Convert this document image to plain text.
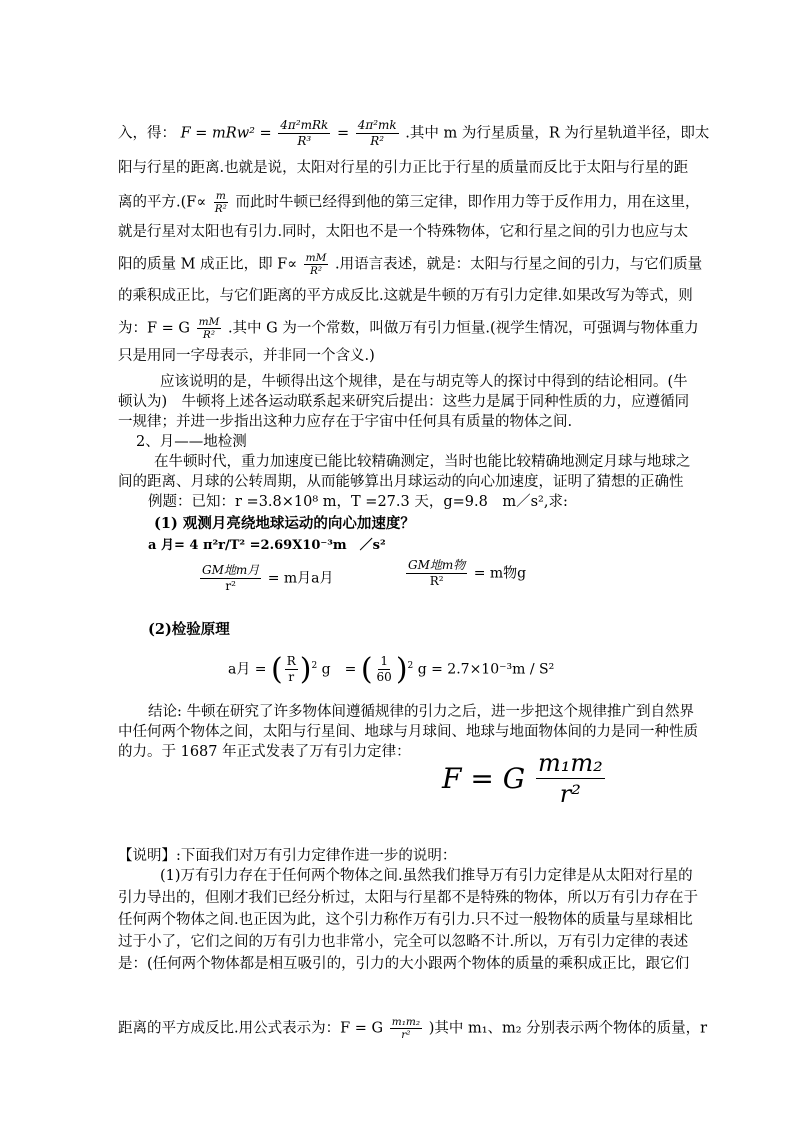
入，得： $F = mRw^2 = \frac{\text{4π²mRk}}{\text{R³}} = \frac{\text{4π²mk}}{\text{R²}}$ .其中 m 为行星质量，R 为行星轨道半径，即太
阳与行星的距离.也就是说，太阳对行星的引力正比于行星的质量而反比于太阳与行星的距
离的平方$.(F\propto \frac{m}{\text{R²}}$ 而此时牛顿已经得到他的第三定律，即作用力等于反作用力，用在这里，
就是行星对太阳也有引力.同时，太阳也不是一个特殊物体，它和行星之间的引力也应与太
阳的质量 M 成正比，即 $F\propto \frac{mM}{\text{R²}}$ .用语言表述，就是：太阳与行星之间的引力，与它们质量
的乘积成正比，与它们距离的平方成反比.这就是牛顿的万有引力定律.如果改写为等式，则
为：F = G $\frac{mM}{\text{R²}}$ .其中 G 为一个常数，叫做万有引力恒量.(视学生情况，可强调与物体重力
只是用同一字母表示，并非同一个含义.)
应该说明的是，牛顿得出这个规律，是在与胡克等人的探讨中得到的结论相同。(牛
顿认为)　牛顿将上述各运动联系起来研究后提出：这些力是属于同种性质的力，应遵循同
一规律；并进一步指出这种力应存在于宇宙中任何具有质量的物体之间.
2、月——地检测
在牛顿时代，重力加速度已能比较精确测定，当时也能比较精确地测定月球与地球之
间的距离、月球的公转周期，从而能够算出月球运动的向心加速度，证明了猜想的正确性
例题：已知：r =3.8×10⁸ m，T =27.3 天，g=9.8　m／s²,求:
(1) 观测月亮绕地球运动的向心加速度？
a 月= 4 π²r/T² =2.69X10⁻³m　／s²
$\frac{\text{GM地m月}}{\text{r²}} = m$月a月	$\frac{\text{GM地m物}}{\text{R²}} = m$物g
(2)检验原理
a月 = ( $\frac{R}{r} )^2$ g　= ( $\frac{1}{60} )^2$ g = 2.7×10⁻³m / S²
结论: 牛顿在研究了许多物体间遵循规律的引力之后，进一步把这个规律推广到自然界
中任何两个物体之间，太阳与行星间、地球与月球间、地球与地面物体间的力是同一种性质
的力。于 1687 年正式发表了万有引力定律：
F = G $\frac{\text{m₁m₂}}{\text{r²}}$
【说明】:下面我们对万有引力定律作进一步的说明：
(1)万有引力存在于任何两个物体之间.虽然我们推导万有引力定律是从太阳对行星的
引力导出的，但刚才我们已经分析过，太阳与行星都不是特殊的物体，所以万有引力存在于
任何两个物体之间.也正因为此，这个引力称作万有引力.只不过一般物体的质量与星球相比
过于小了，它们之间的万有引力也非常小，完全可以忽略不计.所以，万有引力定律的表述
是：(任何两个物体都是相互吸引的，引力的大小跟两个物体的质量的乘积成正比，跟它们
距离的平方成反比.用公式表示为：F = G $\frac{\text{m₁m₂}}{\text{r²}}$ )其中 m₁、m₂ 分别表示两个物体的质量，r
